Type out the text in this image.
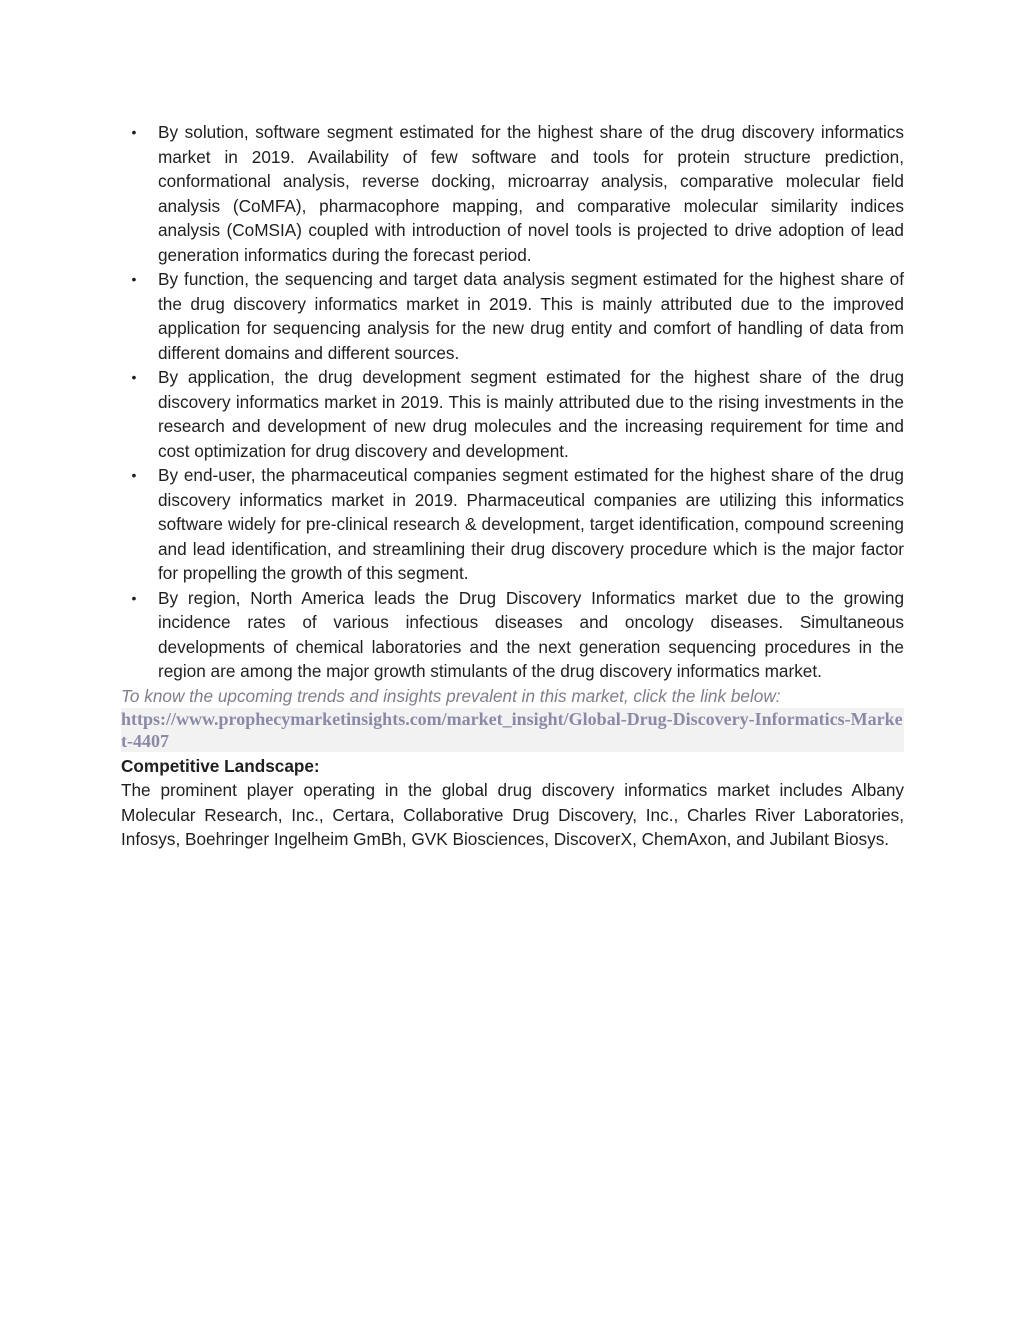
• By solution, software segment estimated for the highest share of the drug discovery informatics market in 2019. Availability of few software and tools for protein structure prediction, conformational analysis, reverse docking, microarray analysis, comparative molecular field analysis (CoMFA), pharmacophore mapping, and comparative molecular similarity indices analysis (CoMSIA) coupled with introduction of novel tools is projected to drive adoption of lead generation informatics during the forecast period.
• By function, the sequencing and target data analysis segment estimated for the highest share of the drug discovery informatics market in 2019. This is mainly attributed due to the improved application for sequencing analysis for the new drug entity and comfort of handling of data from different domains and different sources.
• By application, the drug development segment estimated for the highest share of the drug discovery informatics market in 2019. This is mainly attributed due to the rising investments in the research and development of new drug molecules and the increasing requirement for time and cost optimization for drug discovery and development.
• By end-user, the pharmaceutical companies segment estimated for the highest share of the drug discovery informatics market in 2019. Pharmaceutical companies are utilizing this informatics software widely for pre-clinical research & development, target identification, compound screening and lead identification, and streamlining their drug discovery procedure which is the major factor for propelling the growth of this segment.
• By region, North America leads the Drug Discovery Informatics market due to the growing incidence rates of various infectious diseases and oncology diseases. Simultaneous developments of chemical laboratories and the next generation sequencing procedures in the region are among the major growth stimulants of the drug discovery informatics market.

To know the upcoming trends and insights prevalent in this market, click the link below:

https://www.prophecymarketinsights.com/market_insight/Global-Drug-Discovery-Informatics-Market-4407

Competitive Landscape:

The prominent player operating in the global drug discovery informatics market includes Albany Molecular Research, Inc., Certara, Collaborative Drug Discovery, Inc., Charles River Laboratories, Infosys, Boehringer Ingelheim GmBh, GVK Biosciences, DiscoverX, ChemAxon, and Jubilant Biosys.
